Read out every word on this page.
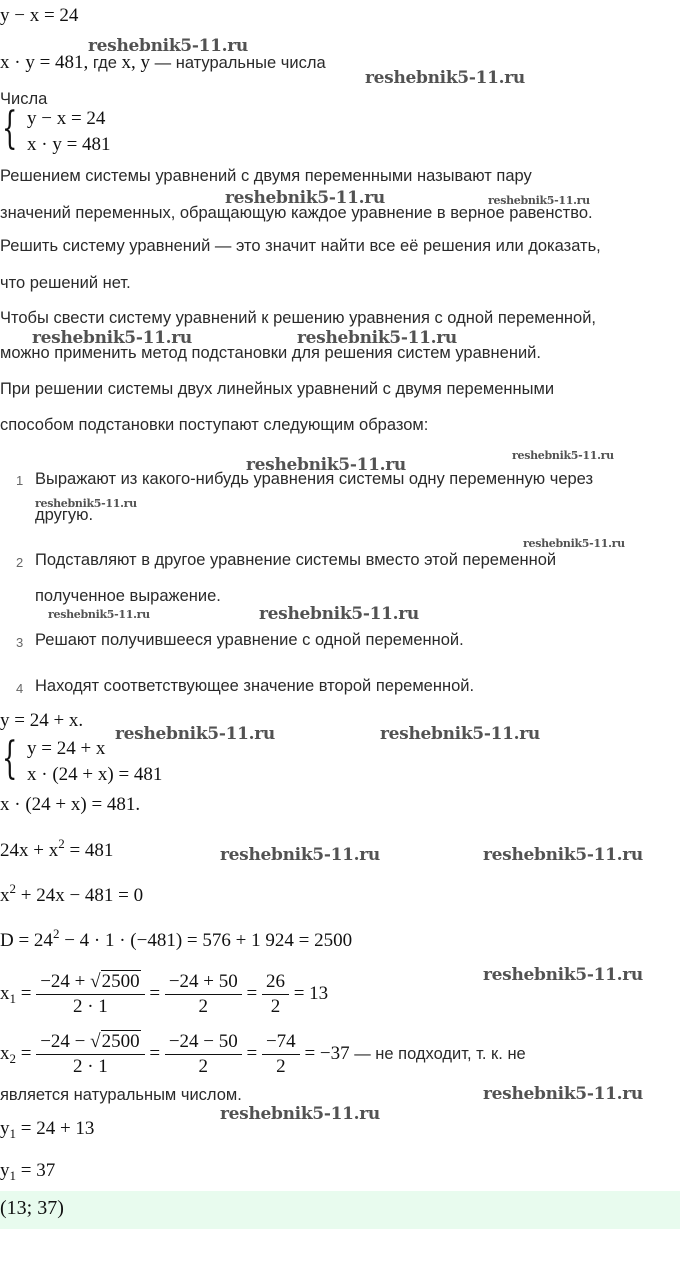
y − x = 24
x · y = 481, где x, y — натуральные числа
Числа
{ y − x = 24
x · y = 481
Решением системы уравнений с двумя переменными называют пару
значений переменных, обращающую каждое уравнение в верное равенство.
Решить систему уравнений — это значит найти все её решения или доказать,
что решений нет.
Чтобы свести систему уравнений к решению уравнения с одной переменной,
можно применить метод подстановки для решения систем уравнений.
При решении системы двух линейных уравнений с двумя переменными
способом подстановки поступают следующим образом:
1 Выражают из какого-нибудь уравнения системы одну переменную через
другую.
2 Подставляют в другое уравнение системы вместо этой переменной
полученное выражение.
3 Решают получившееся уравнение с одной переменной.
4 Находят соответствующее значение второй переменной.
y = 24 + x.
{ y = 24 + x
x · (24 + x) = 481
x · (24 + x) = 481.
$24x + x^2 = 481$
$x^2 + 24x - 481 = 0$
$D = 24^2 - 4 \cdot 1 \cdot (-481) = 576 + 1$ 924 = 2500
$x_1 = \frac{-24 + √2500}{2 \cdot 1} = \frac{-24 + 50}{2} = \frac{26}{2} = 13$
$x_2 = \frac{-24 - √2500}{2 \cdot 1} = \frac{-24 - 50}{2} = \frac{-74}{2} = -37$ — не подходит, т. к. не
является натуральным числом.
$y_1 = 24 + 13$
$y_1 = 37$
(13; 37)
reshebnik5-11.ru
reshebnik5-11.ru
reshebnik5-11.ru	reshebnik5-11.ru
reshebnik5-11.ru	reshebnik5-11.ru
reshebnik5-11.ru	reshebnik5-11.ru
reshebnik5-11.ru
reshebnik5-11.ru
reshebnik5-11.ru	reshebnik5-11.ru
reshebnik5-11.ru	reshebnik5-11.ru
reshebnik5-11.ru	reshebnik5-11.ru
reshebnik5-11.ru
reshebnik5-11.ru
reshebnik5-11.ru
